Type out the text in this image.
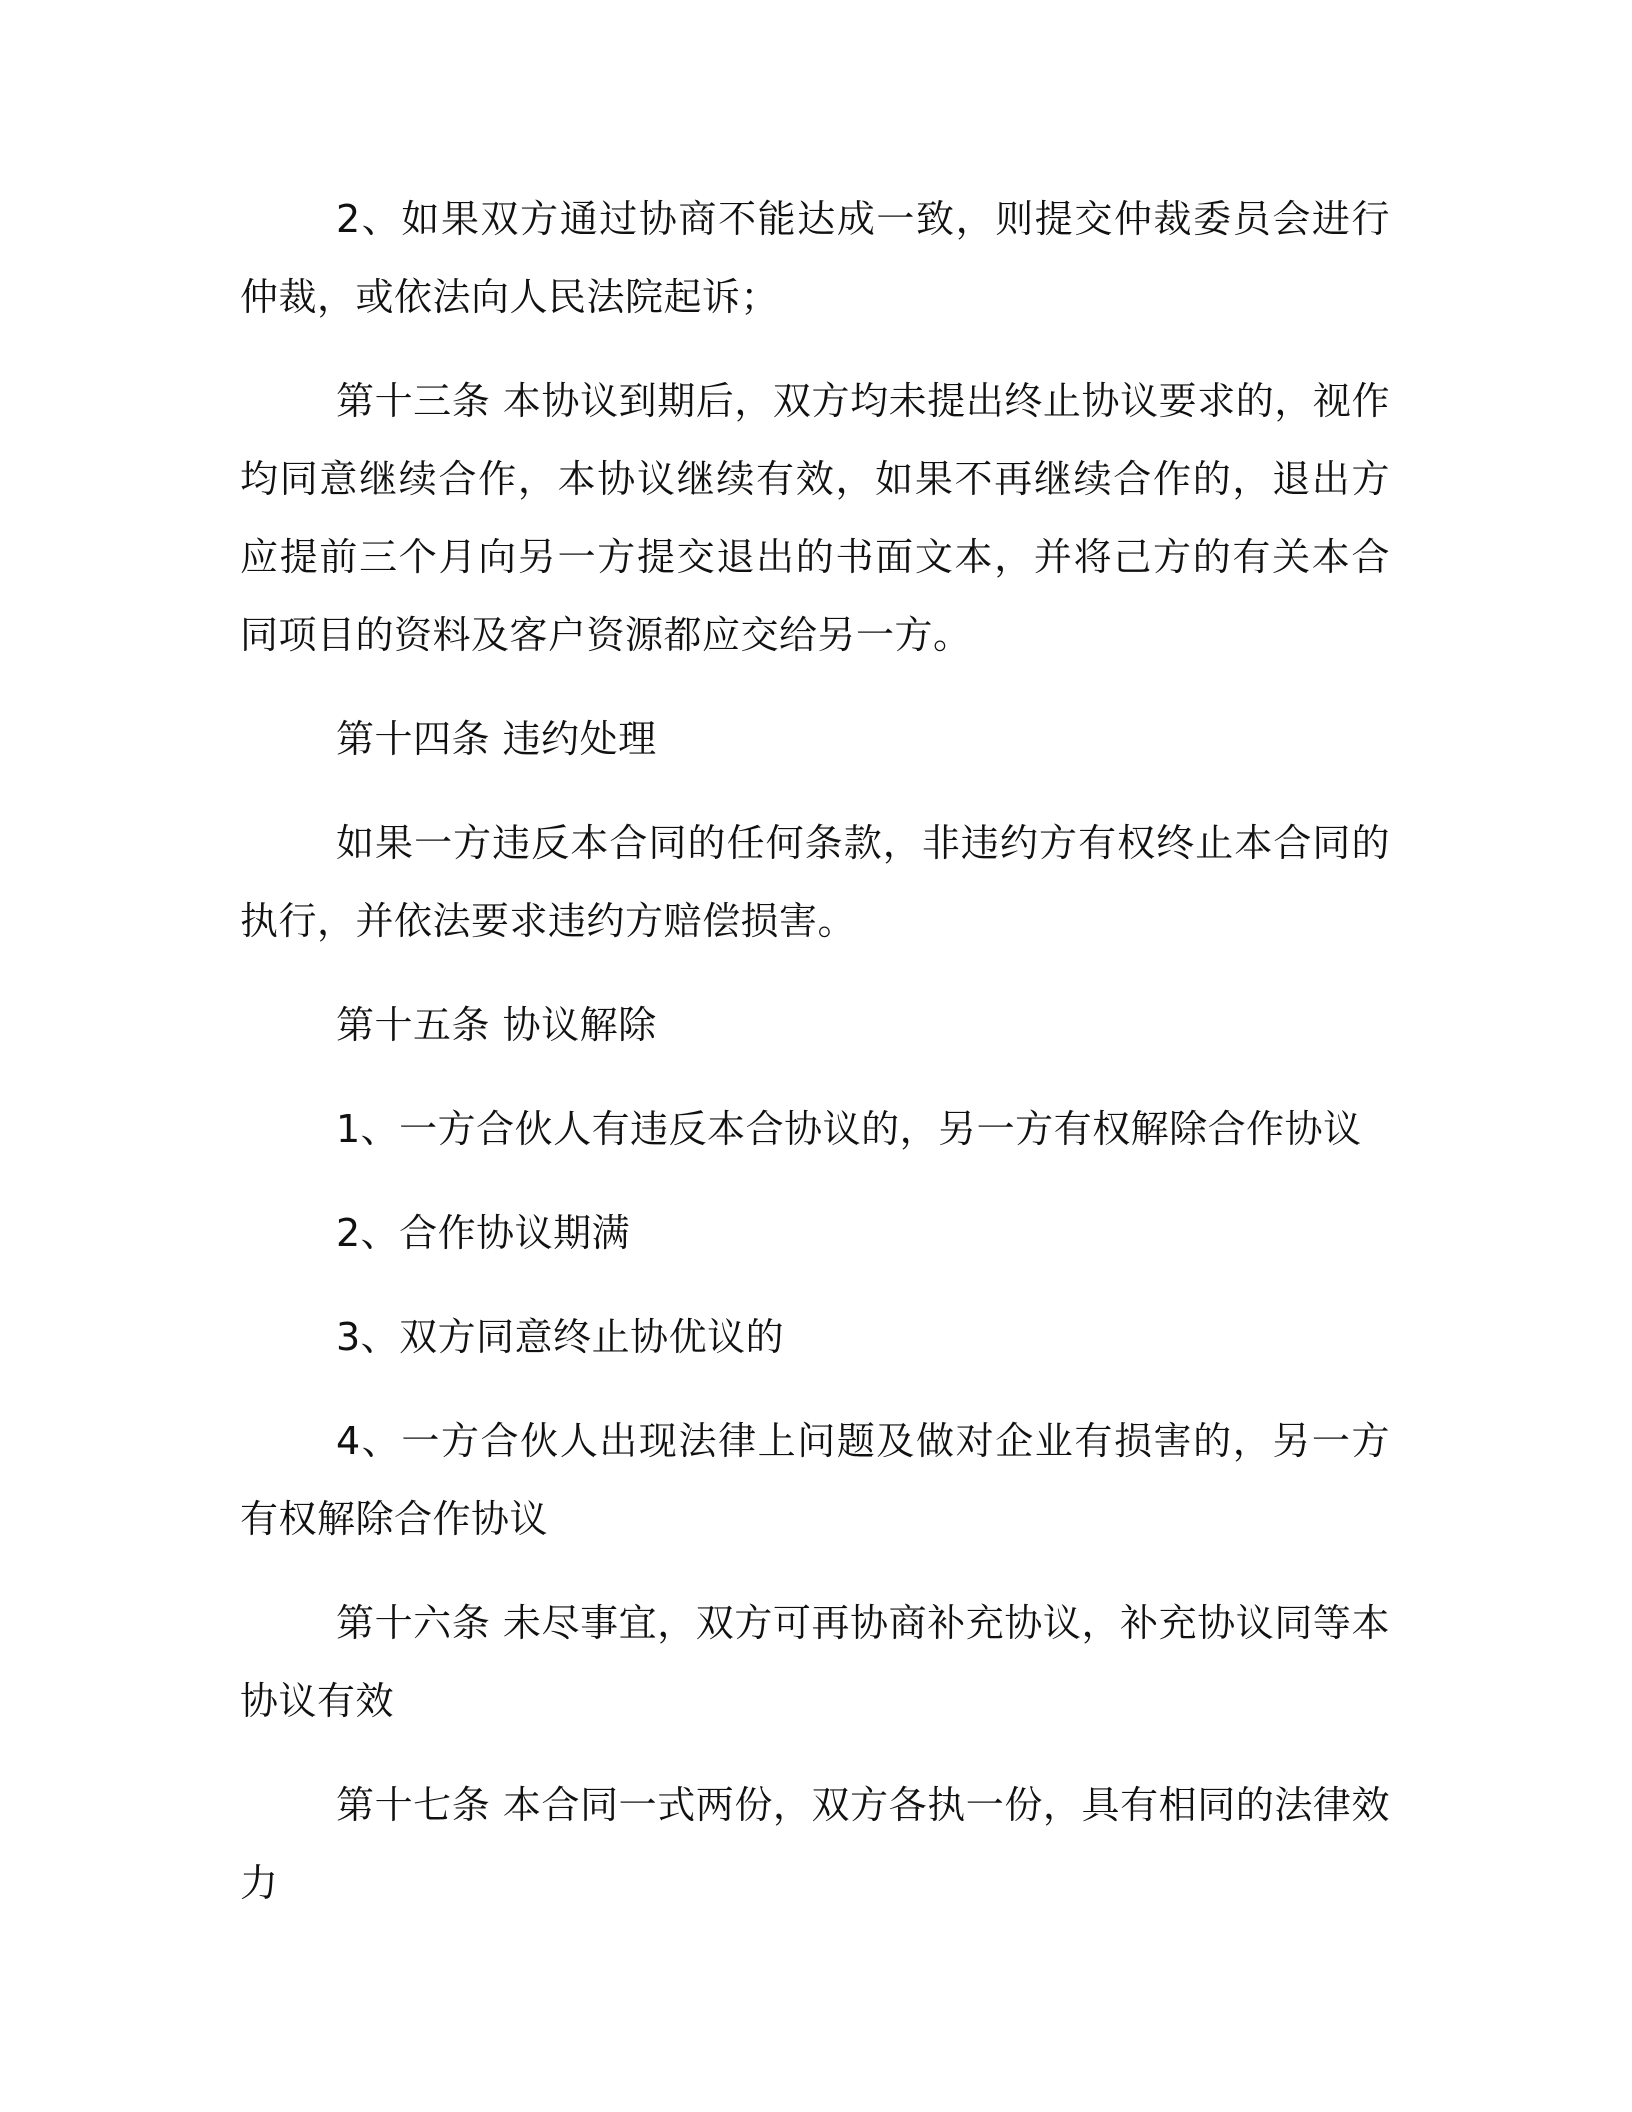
2、如果双方通过协商不能达成一致，则提交仲裁委员会进行仲裁，或依法向人民法院起诉；

第十三条 本协议到期后，双方均未提出终止协议要求的，视作均同意继续合作，本协议继续有效，如果不再继续合作的，退出方应提前三个月向另一方提交退出的书面文本，并将己方的有关本合同项目的资料及客户资源都应交给另一方。

第十四条 违约处理

如果一方违反本合同的任何条款，非违约方有权终止本合同的执行，并依法要求违约方赔偿损害。

第十五条 协议解除

1、一方合伙人有违反本合协议的，另一方有权解除合作协议

2、合作协议期满

3、双方同意终止协优议的

4、一方合伙人出现法律上问题及做对企业有损害的，另一方有权解除合作协议

第十六条 未尽事宜，双方可再协商补充协议，补充协议同等本协议有效

第十七条 本合同一式两份，双方各执一份，具有相同的法律效力
